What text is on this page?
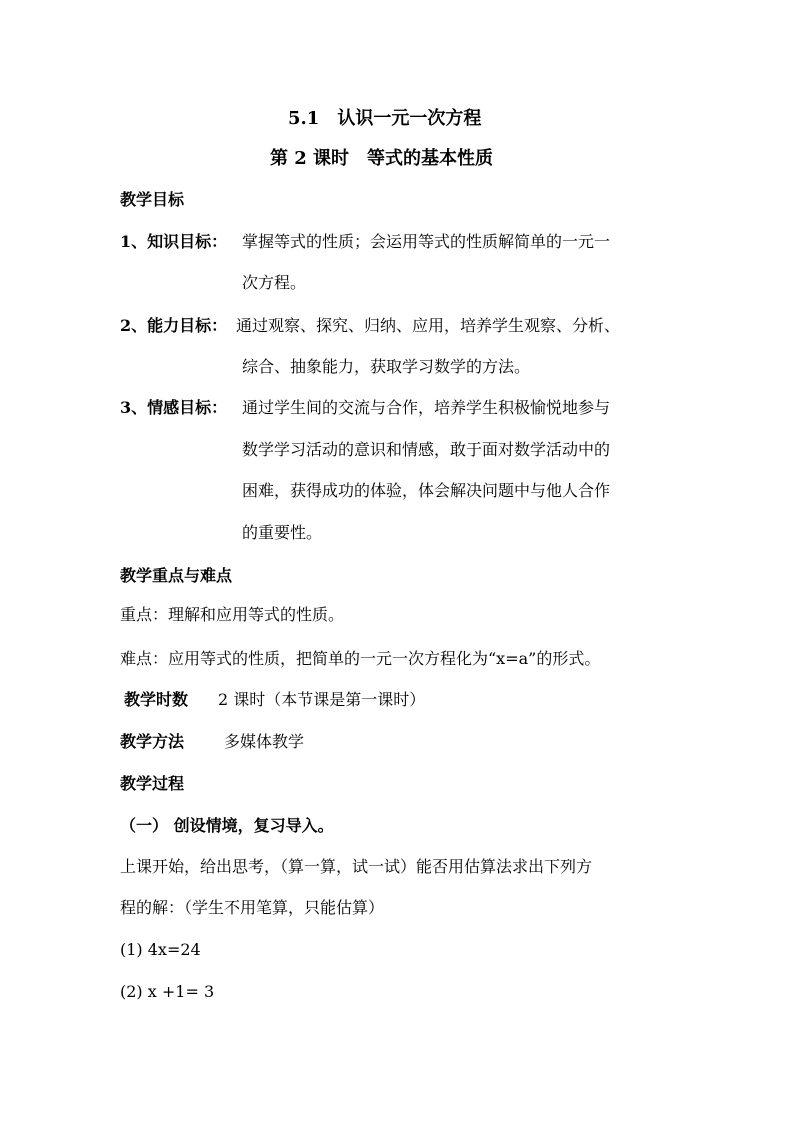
5.1　认识一元一次方程
第 2 课时　等式的基本性质
教学目标
1、知识目标： 掌握等式的性质；会运用等式的性质解简单的一元一
次方程。
2、能力目标： 通过观察、探究、归纳、应用，培养学生观察、分析、
综合、抽象能力，获取学习数学的方法。
3、情感目标： 通过学生间的交流与合作，培养学生积极愉悦地参与
数学学习活动的意识和情感，敢于面对数学活动中的
困难，获得成功的体验，体会解决问题中与他人合作
的重要性。
教学重点与难点
重点：理解和应用等式的性质。
难点：应用等式的性质，把简单的一元一次方程化为“x=a”的形式。
教学时数 2 课时（本节课是第一课时）
教学方法 多媒体教学
教学过程
（一） 创设情境，复习导入。
上课开始，给出思考，（算一算，试一试）能否用估算法求出下列方
程的解：（学生不用笔算，只能估算）
(1) 4x=24
(2) x +1= 3
